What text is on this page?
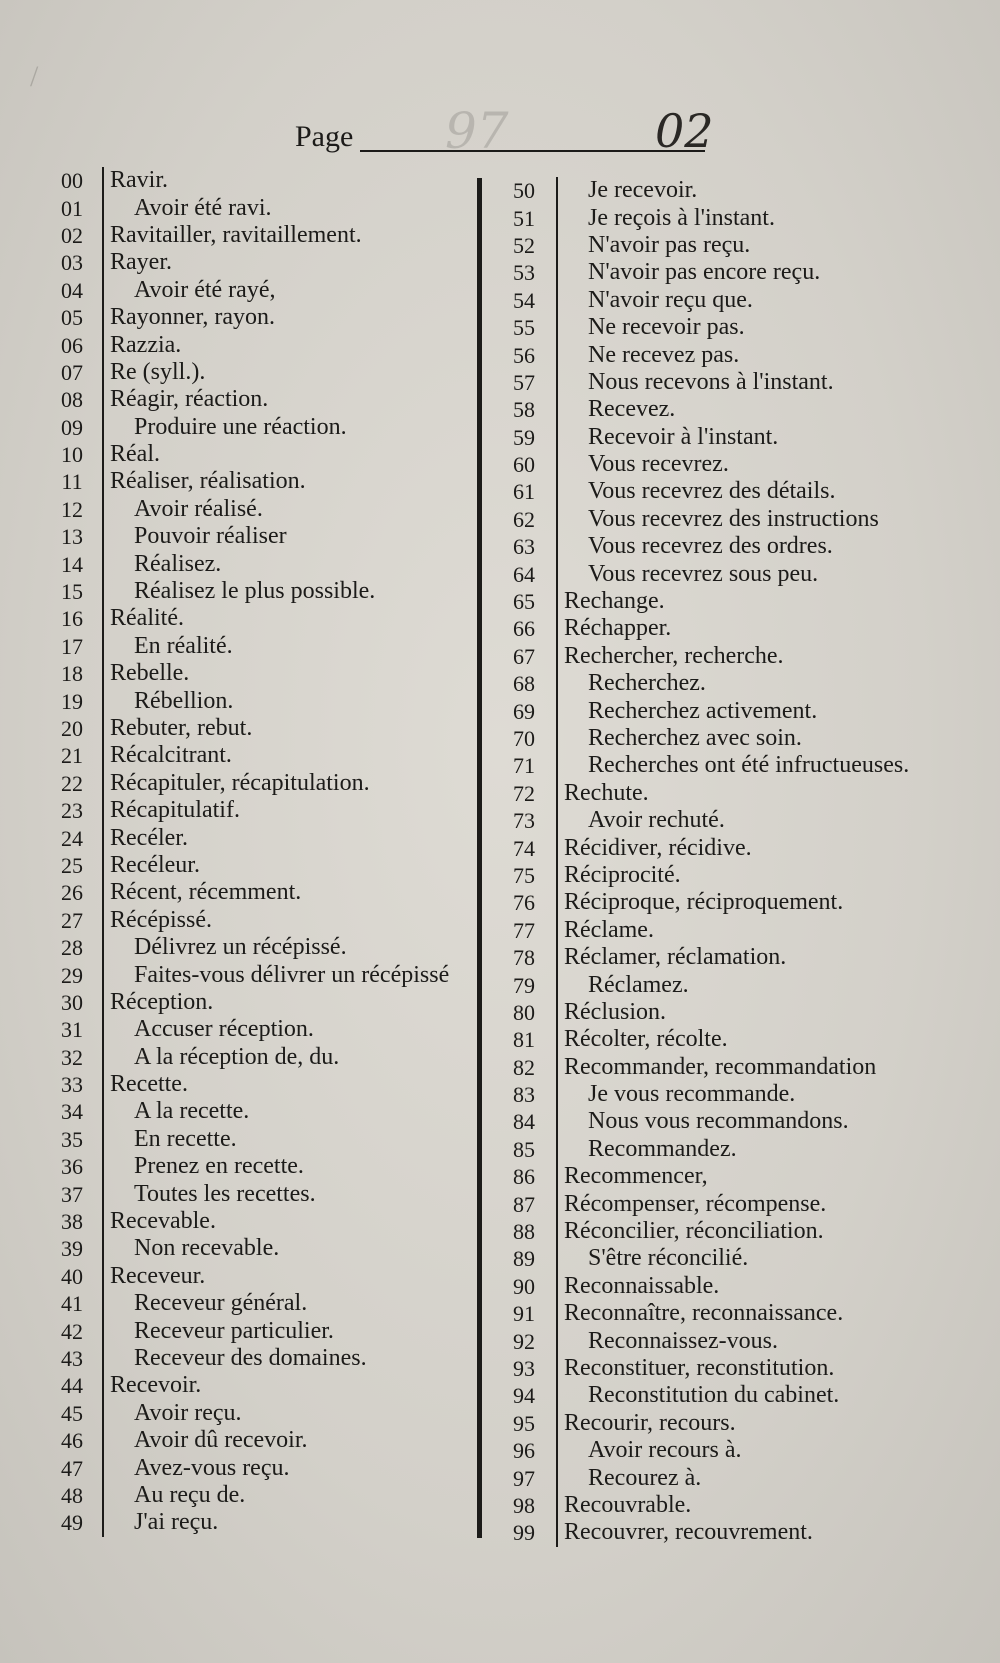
/
Page 97	02
00	Ravir.
01	Avoir été ravi.
02	Ravitailler, ravitaillement.
03	Rayer.
04	Avoir été rayé,
05	Rayonner, rayon.
06	Razzia.
07	Re (syll.).
08	Réagir, réaction.
09	Produire une réaction.
10	Réal.
11	Réaliser, réalisation.
12	Avoir réalisé.
13	Pouvoir réaliser
14	Réalisez.
15	Réalisez le plus possible.
16	Réalité.
17	En réalité.
18	Rebelle.
19	Rébellion.
20	Rebuter, rebut.
21	Récalcitrant.
22	Récapituler, récapitulation.
23	Récapitulatif.
24	Recéler.
25	Recéleur.
26	Récent, récemment.
27	Récépissé.
28	Délivrez un récépissé.
29	Faites-vous délivrer un récépissé
30	Réception.
31	Accuser réception.
32	A la réception de, du.
33	Recette.
34	A la recette.
35	En recette.
36	Prenez en recette.
37	Toutes les recettes.
38	Recevable.
39	Non recevable.
40	Receveur.
41	Receveur général.
42	Receveur particulier.
43	Receveur des domaines.
44	Recevoir.
45	Avoir reçu.
46	Avoir dû recevoir.
47	Avez-vous reçu.
48	Au reçu de.
49	J'ai reçu.
50	Je recevoir.
51	Je reçois à l'instant.
52	N'avoir pas reçu.
53	N'avoir pas encore reçu.
54	N'avoir reçu que.
55	Ne recevoir pas.
56	Ne recevez pas.
57	Nous recevons à l'instant.
58	Recevez.
59	Recevoir à l'instant.
60	Vous recevrez.
61	Vous recevrez des détails.
62	Vous recevrez des instructions
63	Vous recevrez des ordres.
64	Vous recevrez sous peu.
65	Rechange.
66	Réchapper.
67	Rechercher, recherche.
68	Recherchez.
69	Recherchez activement.
70	Recherchez avec soin.
71	Recherches ont été infructueuses.
72	Rechute.
73	Avoir rechuté.
74	Récidiver, récidive.
75	Réciprocité.
76	Réciproque, réciproquement.
77	Réclame.
78	Réclamer, réclamation.
79	Réclamez.
80	Réclusion.
81	Récolter, récolte.
82	Recommander, recommandation
83	Je vous recommande.
84	Nous vous recommandons.
85	Recommandez.
86	Recommencer,
87	Récompenser, récompense.
88	Réconcilier, réconciliation.
89	S'être réconcilié.
90	Reconnaissable.
91	Reconnaître, reconnaissance.
92	Reconnaissez-vous.
93	Reconstituer, reconstitution.
94	Reconstitution du cabinet.
95	Recourir, recours.
96	Avoir recours à.
97	Recourez à.
98	Recouvrable.
99	Recouvrer, recouvrement.
